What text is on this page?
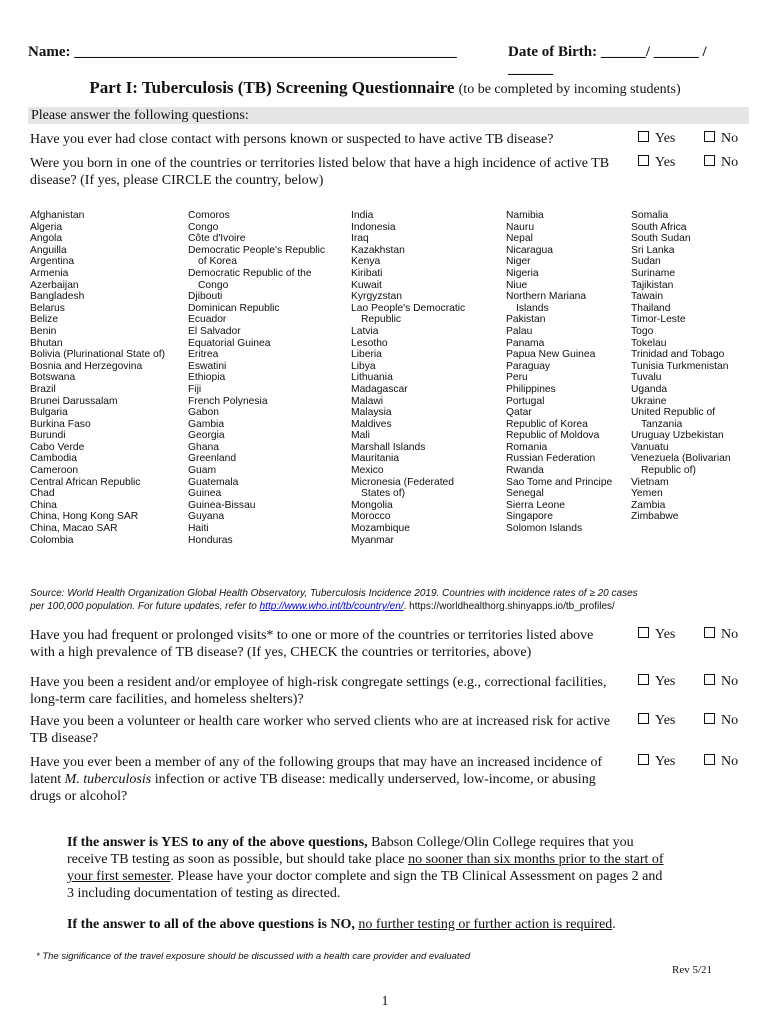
Name: ___________________________________________________	Date of Birth: ______/ ______ / ______
Part I: Tuberculosis (TB) Screening Questionnaire (to be completed by incoming students)
Please answer the following questions:
Have you ever had close contact with persons known or suspected to have active TB disease?	Yes	No
Were you born in one of the countries or territories listed below that have a high incidence of active TB disease? (If yes, please CIRCLE the country, below)
Yes	No
Afghanistan
Algeria
Angola
Anguilla
Argentina
Armenia
Azerbaijan
Bangladesh
Belarus
Belize
Benin
Bhutan
Bolivia (Plurinational State of)
Bosnia and Herzegovina
Botswana
Brazil
Brunei Darussalam
Bulgaria
Burkina Faso
Burundi
Cabo Verde
Cambodia
Cameroon
Central African Republic
Chad
China
China, Hong Kong SAR
China, Macao SAR
Colombia
Comoros
Congo
Côte d'Ivoire
Democratic People's Republic
of Korea
Democratic Republic of the
Congo
Djibouti
Dominican Republic
Ecuador
El Salvador
Equatorial Guinea
Eritrea
Eswatini
Ethiopia
Fiji
French Polynesia
Gabon
Gambia
Georgia
Ghana
Greenland
Guam
Guatemala
Guinea
Guinea-Bissau
Guyana
Haiti
Honduras
India
Indonesia
Iraq
Kazakhstan
Kenya
Kiribati
Kuwait
Kyrgyzstan
Lao People's Democratic
Republic
Latvia
Lesotho
Liberia
Libya
Lithuania
Madagascar
Malawi
Malaysia
Maldives
Mali
Marshall Islands
Mauritania
Mexico
Micronesia (Federated
States of)
Mongolia
Morocco
Mozambique
Myanmar
Namibia
Nauru
Nepal
Nicaragua
Niger
Nigeria
Niue
Northern Mariana
Islands
Pakistan
Palau
Panama
Papua New Guinea
Paraguay
Peru
Philippines
Portugal
Qatar
Republic of Korea
Republic of Moldova
Romania
Russian Federation
Rwanda
Sao Tome and Principe
Senegal
Sierra Leone
Singapore
Solomon Islands
Somalia
South Africa
South Sudan
Sri Lanka
Sudan
Suriname
Tajikistan
Tawain
Thailand
Timor-Leste
Togo
Tokelau
Trinidad and Tobago
Tunisia Turkmenistan
Tuvalu
Uganda
Ukraine
United Republic of
Tanzania
Uruguay Uzbekistan
Vanuatu
Venezuela (Bolivarian
Republic of)
Vietnam
Yemen
Zambia
Zimbabwe
Source: World Health Organization Global Health Observatory, Tuberculosis Incidence 2019. Countries with incidence rates of ≥ 20 cases
per 100,000 population. For future updates, refer to http://www.who.int/tb/country/en/. https://worldhealthorg.shinyapps.io/tb_profiles/
Have you had frequent or prolonged visits* to one or more of the countries or territories listed above with a high prevalence of TB disease? (If yes, CHECK the countries or territories, above)
Yes	No
Have you been a resident and/or employee of high-risk congregate settings (e.g., correctional facilities, long-term care facilities, and homeless shelters)?
Yes	No
Have you been a volunteer or health care worker who served clients who are at increased risk for active TB disease?
Yes	No
Have you ever been a member of any of the following groups that may have an increased incidence of latent M. tuberculosis infection or active TB disease: medically underserved, low-income, or abusing drugs or alcohol?
Yes	No
If the answer is YES to any of the above questions, Babson College/Olin College requires that you receive TB testing as soon as possible, but should take place no sooner than six months prior to the start of your first semester. Please have your doctor complete and sign the TB Clinical Assessment on pages 2 and 3 including documentation of testing as directed.
If the answer to all of the above questions is NO, no further testing or further action is required.
* The significance of the travel exposure should be discussed with a health care provider and evaluated
Rev 5/21
1
